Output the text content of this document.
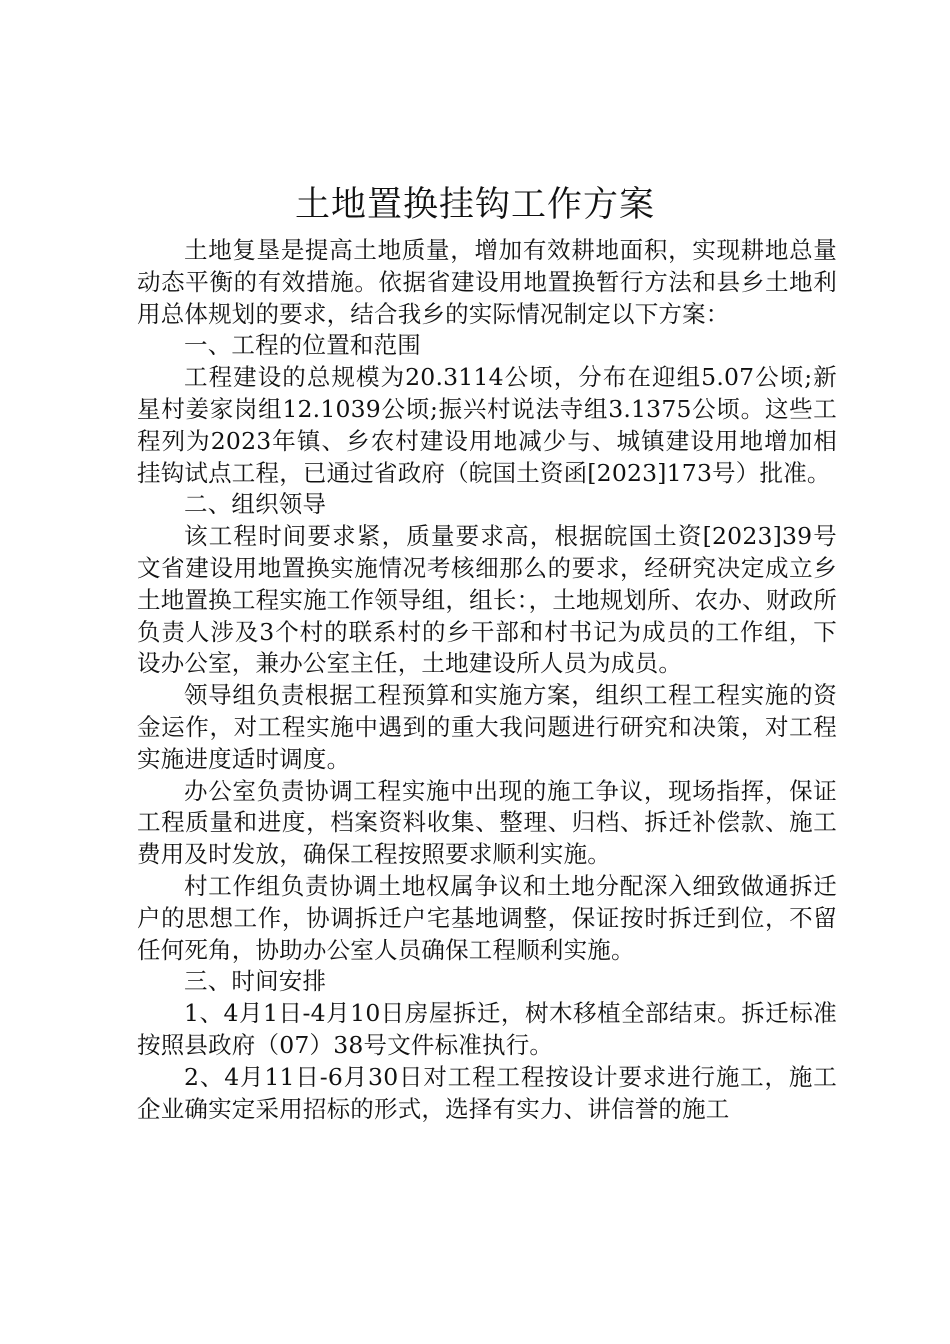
土地置换挂钩工作方案

土地复垦是提高土地质量，增加有效耕地面积，实现耕地总量动态平衡的有效措施。依据省建设用地置换暂行方法和县乡土地利用总体规划的要求，结合我乡的实际情况制定以下方案：

一、工程的位置和范围

工程建设的总规模为20.3114公顷，分布在迎组5.07公顷;新星村姜家岗组12.1039公顷;振兴村说法寺组3.1375公顷。这些工程列为2023年镇、乡农村建设用地减少与、城镇建设用地增加相挂钩试点工程，已通过省政府（皖国土资函[2023]173号）批准。

二、组织领导

该工程时间要求紧，质量要求高，根据皖国土资[2023]39号文省建设用地置换实施情况考核细那么的要求，经研究决定成立乡土地置换工程实施工作领导组，组长：，土地规划所、农办、财政所负责人涉及3个村的联系村的乡干部和村书记为成员的工作组，下设办公室，兼办公室主任，土地建设所人员为成员。

领导组负责根据工程预算和实施方案，组织工程工程实施的资金运作，对工程实施中遇到的重大我问题进行研究和决策，对工程实施进度适时调度。

办公室负责协调工程实施中出现的施工争议，现场指挥，保证工程质量和进度，档案资料收集、整理、归档、拆迁补偿款、施工费用及时发放，确保工程按照要求顺利实施。

村工作组负责协调土地权属争议和土地分配深入细致做通拆迁户的思想工作，协调拆迁户宅基地调整，保证按时拆迁到位，不留任何死角，协助办公室人员确保工程顺利实施。

三、时间安排

1、4月1日-4月10日房屋拆迁，树木移植全部结束。拆迁标准按照县政府（07）38号文件标准执行。

2、4月11日-6月30日对工程工程按设计要求进行施工，施工企业确实定采用招标的形式，选择有实力、讲信誉的施工
